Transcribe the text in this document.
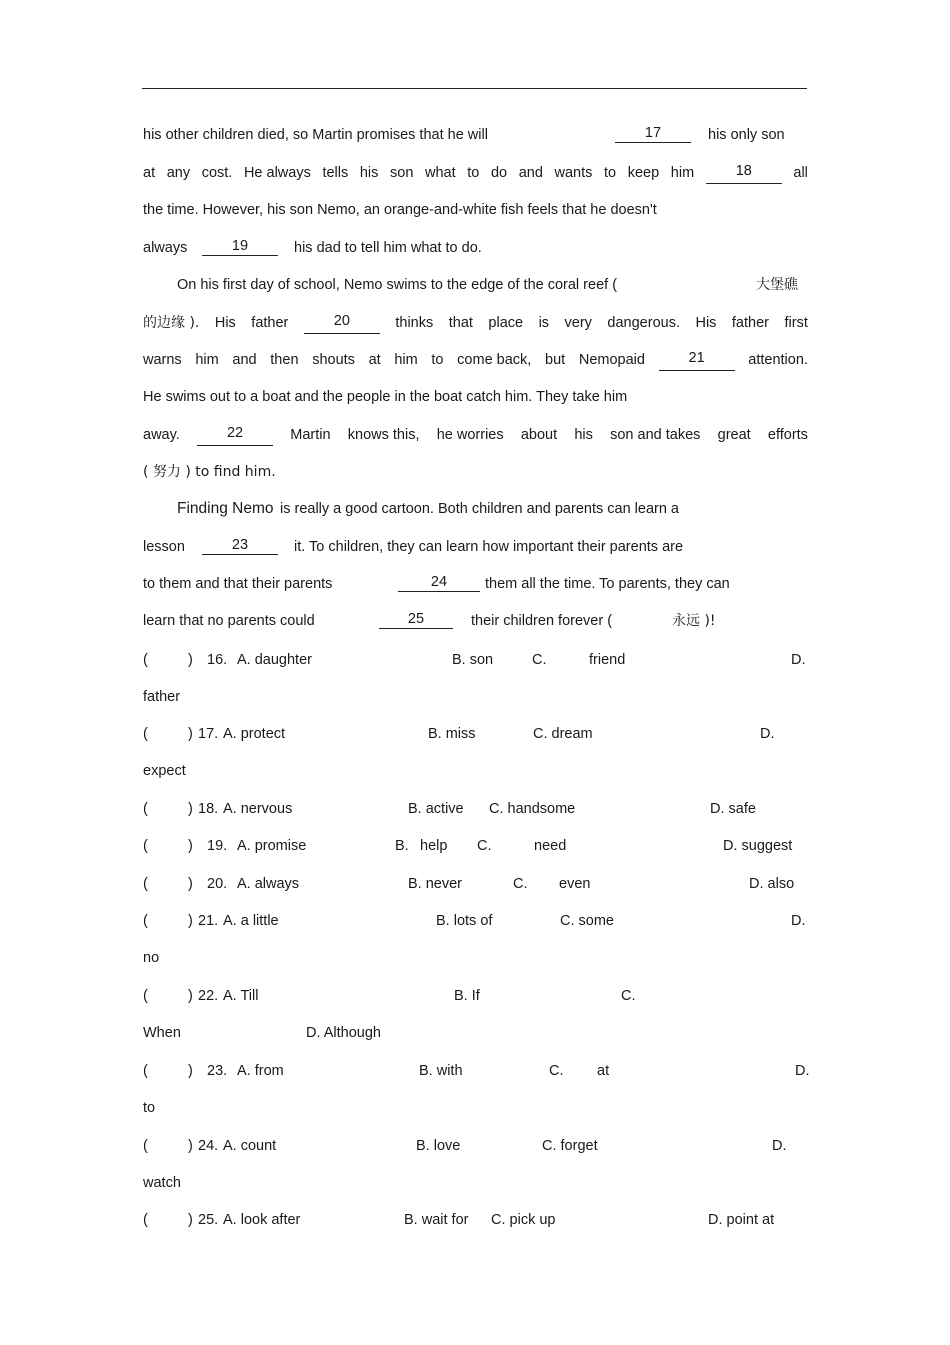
his other children died, so Martin promises that he will	17	his only son
at any cost. He always tells his son what to do and wants to keep him	18	all
the time. However, his son Nemo, an orange-and-white fish feels that he doesn't
always	19	his dad to tell him what to do.
On his first day of school, Nemo swims to the edge of the coral reef (	大堡礁
的边缘 ). His father	20	thinks that place is very dangerous. His father first
warns him and then shouts at him to come back, but Nemopaid	21	attention.
He swims out to a boat and the people in the boat catch him. They take him
away.	22	Martin knows this, he worries about his son and takes great efforts
( 努力 ) to find him.
Finding Nemo is really a good cartoon. Both children and parents can learn a
lesson	23	it. To children, they can learn how important their parents are
to them and that their parents	24	them all the time. To parents, they can
learn that no parents could	25	their children forever (	永远 )!
(	) 16. A. daughter	B. son	C.	friend	D.
father
(	) 17. A. protect	B. miss	C. dream	D.
expect
(	) 18. A. nervous	B. active C. handsome	D. safe
(	) 19. A. promise	B. help C.	need	D. suggest
(	) 20. A. always	B. never	C. even	D. also
(	) 21. A. a little	B. lots of	C. some	D.
no
(	) 22. A. Till	B. If	C.
When	D. Although
(	) 23. A. from	B. with	C. at	D.
to
(	) 24. A. count	B. love	C. forget	D.
watch
(	) 25. A. look after	B. wait for C. pick up	D. point at
